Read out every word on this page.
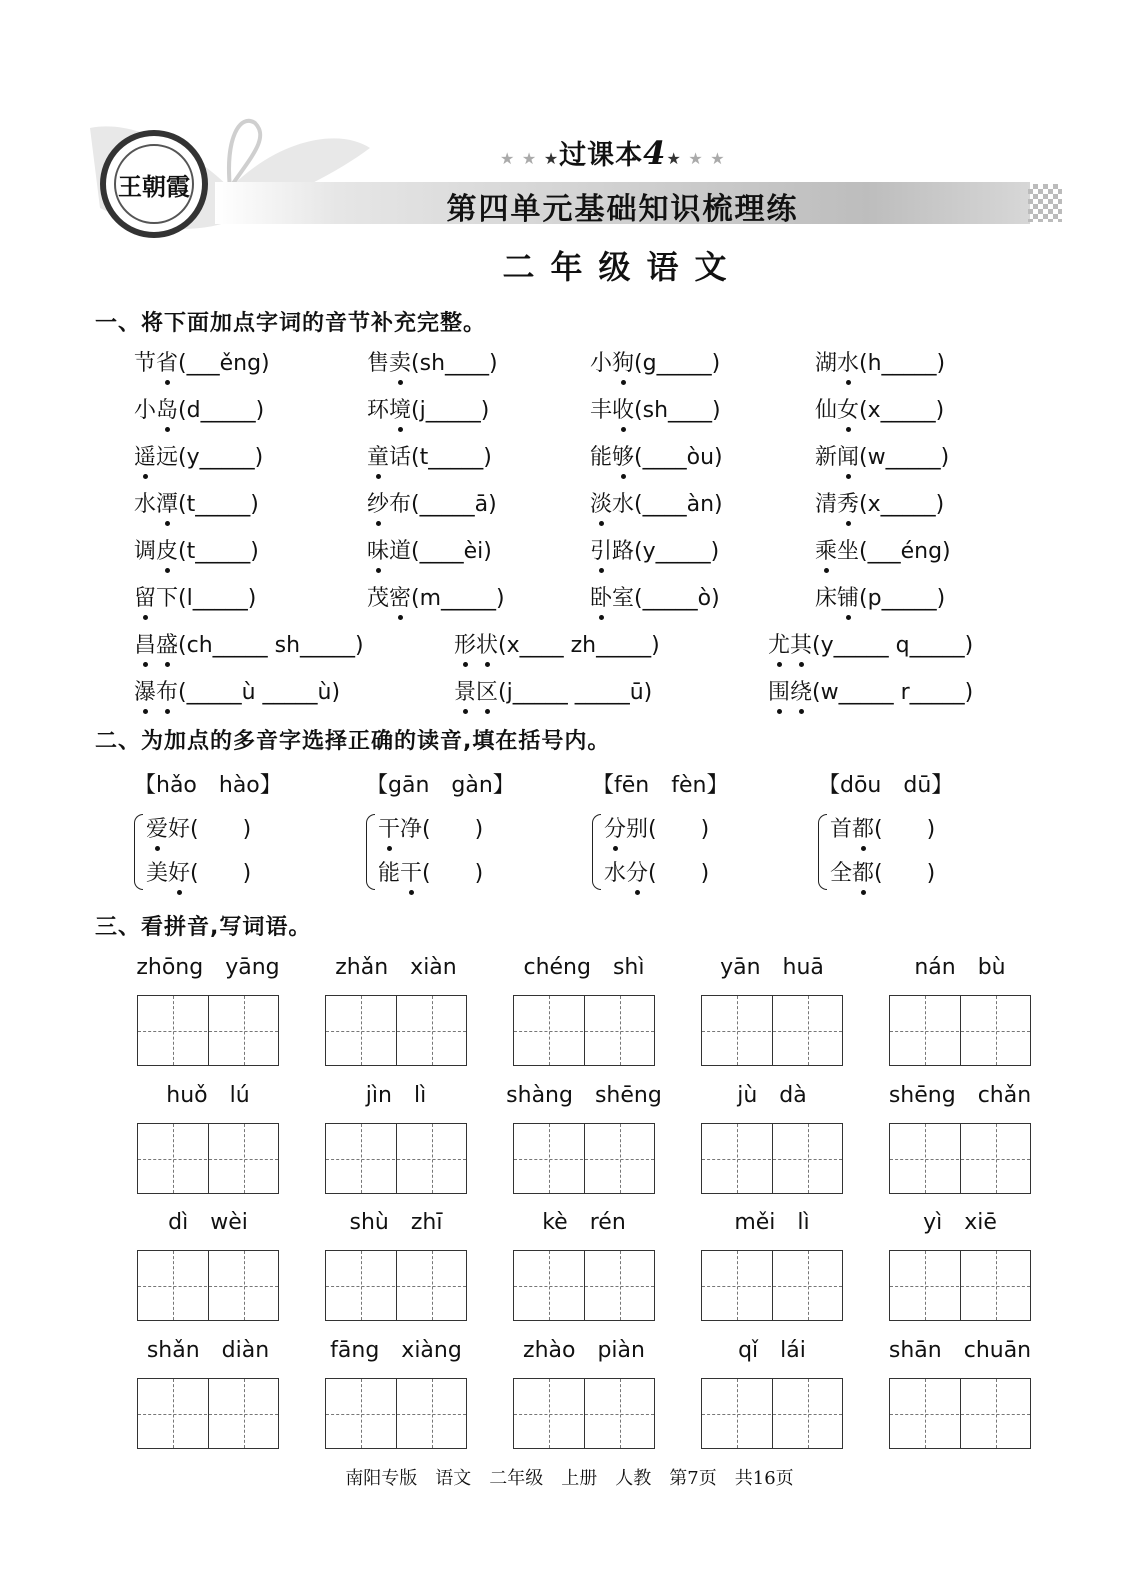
王朝霞
★ ★ ★过课本4★ ★ ★
第四单元基础知识梳理练
二年级语文
一、将下面加点字词的音节补充完整。
节省(___ěng)	售卖(sh____)	小狗(g_____)	湖水(h_____)
小岛(d_____)	环境(j_____)	丰收(sh____)	仙女(x_____)
遥远(y_____)	童话(t_____)	能够(____òu)	新闻(w_____)
水潭(t_____)	纱布(_____ā)	淡水(____àn)	清秀(x_____)
调皮(t_____)	味道(____èi)	引路(y_____)	乘坐(___éng)
留下(l_____)	茂密(m_____)	卧室(_____ò)	床铺(p_____)
昌盛(ch_____ sh_____)	形状(x____ zh_____)	尤其(y_____ q_____)
瀑布(_____ù _____ù)	景区(j_____ _____ū)	围绕(w_____ r_____)
二、为加点的多音字选择正确的读音,填在括号内。
【hǎo　hào】
爱好(　　)
美好(　　)
【gān　gàn】
干净(　　)
能干(　　)
【fēn　fèn】
分别(　　)
水分(　　)
【dōu　dū】
首都(　　)
全都(　　)
三、看拼音,写词语。
zhōng yāng	zhǎn xiàn	chéng shì	yān huā	nán bù
huǒ lú	jìn lì	shàng shēng	jù dà	shēng chǎn
dì wèi	shù zhī	kè rén	měi lì	yì xiē
shǎn diàn	fāng xiàng	zhào piàn	qǐ lái	shān chuān
南阳专版　语文　二年级　上册　人教　第7页　共16页
